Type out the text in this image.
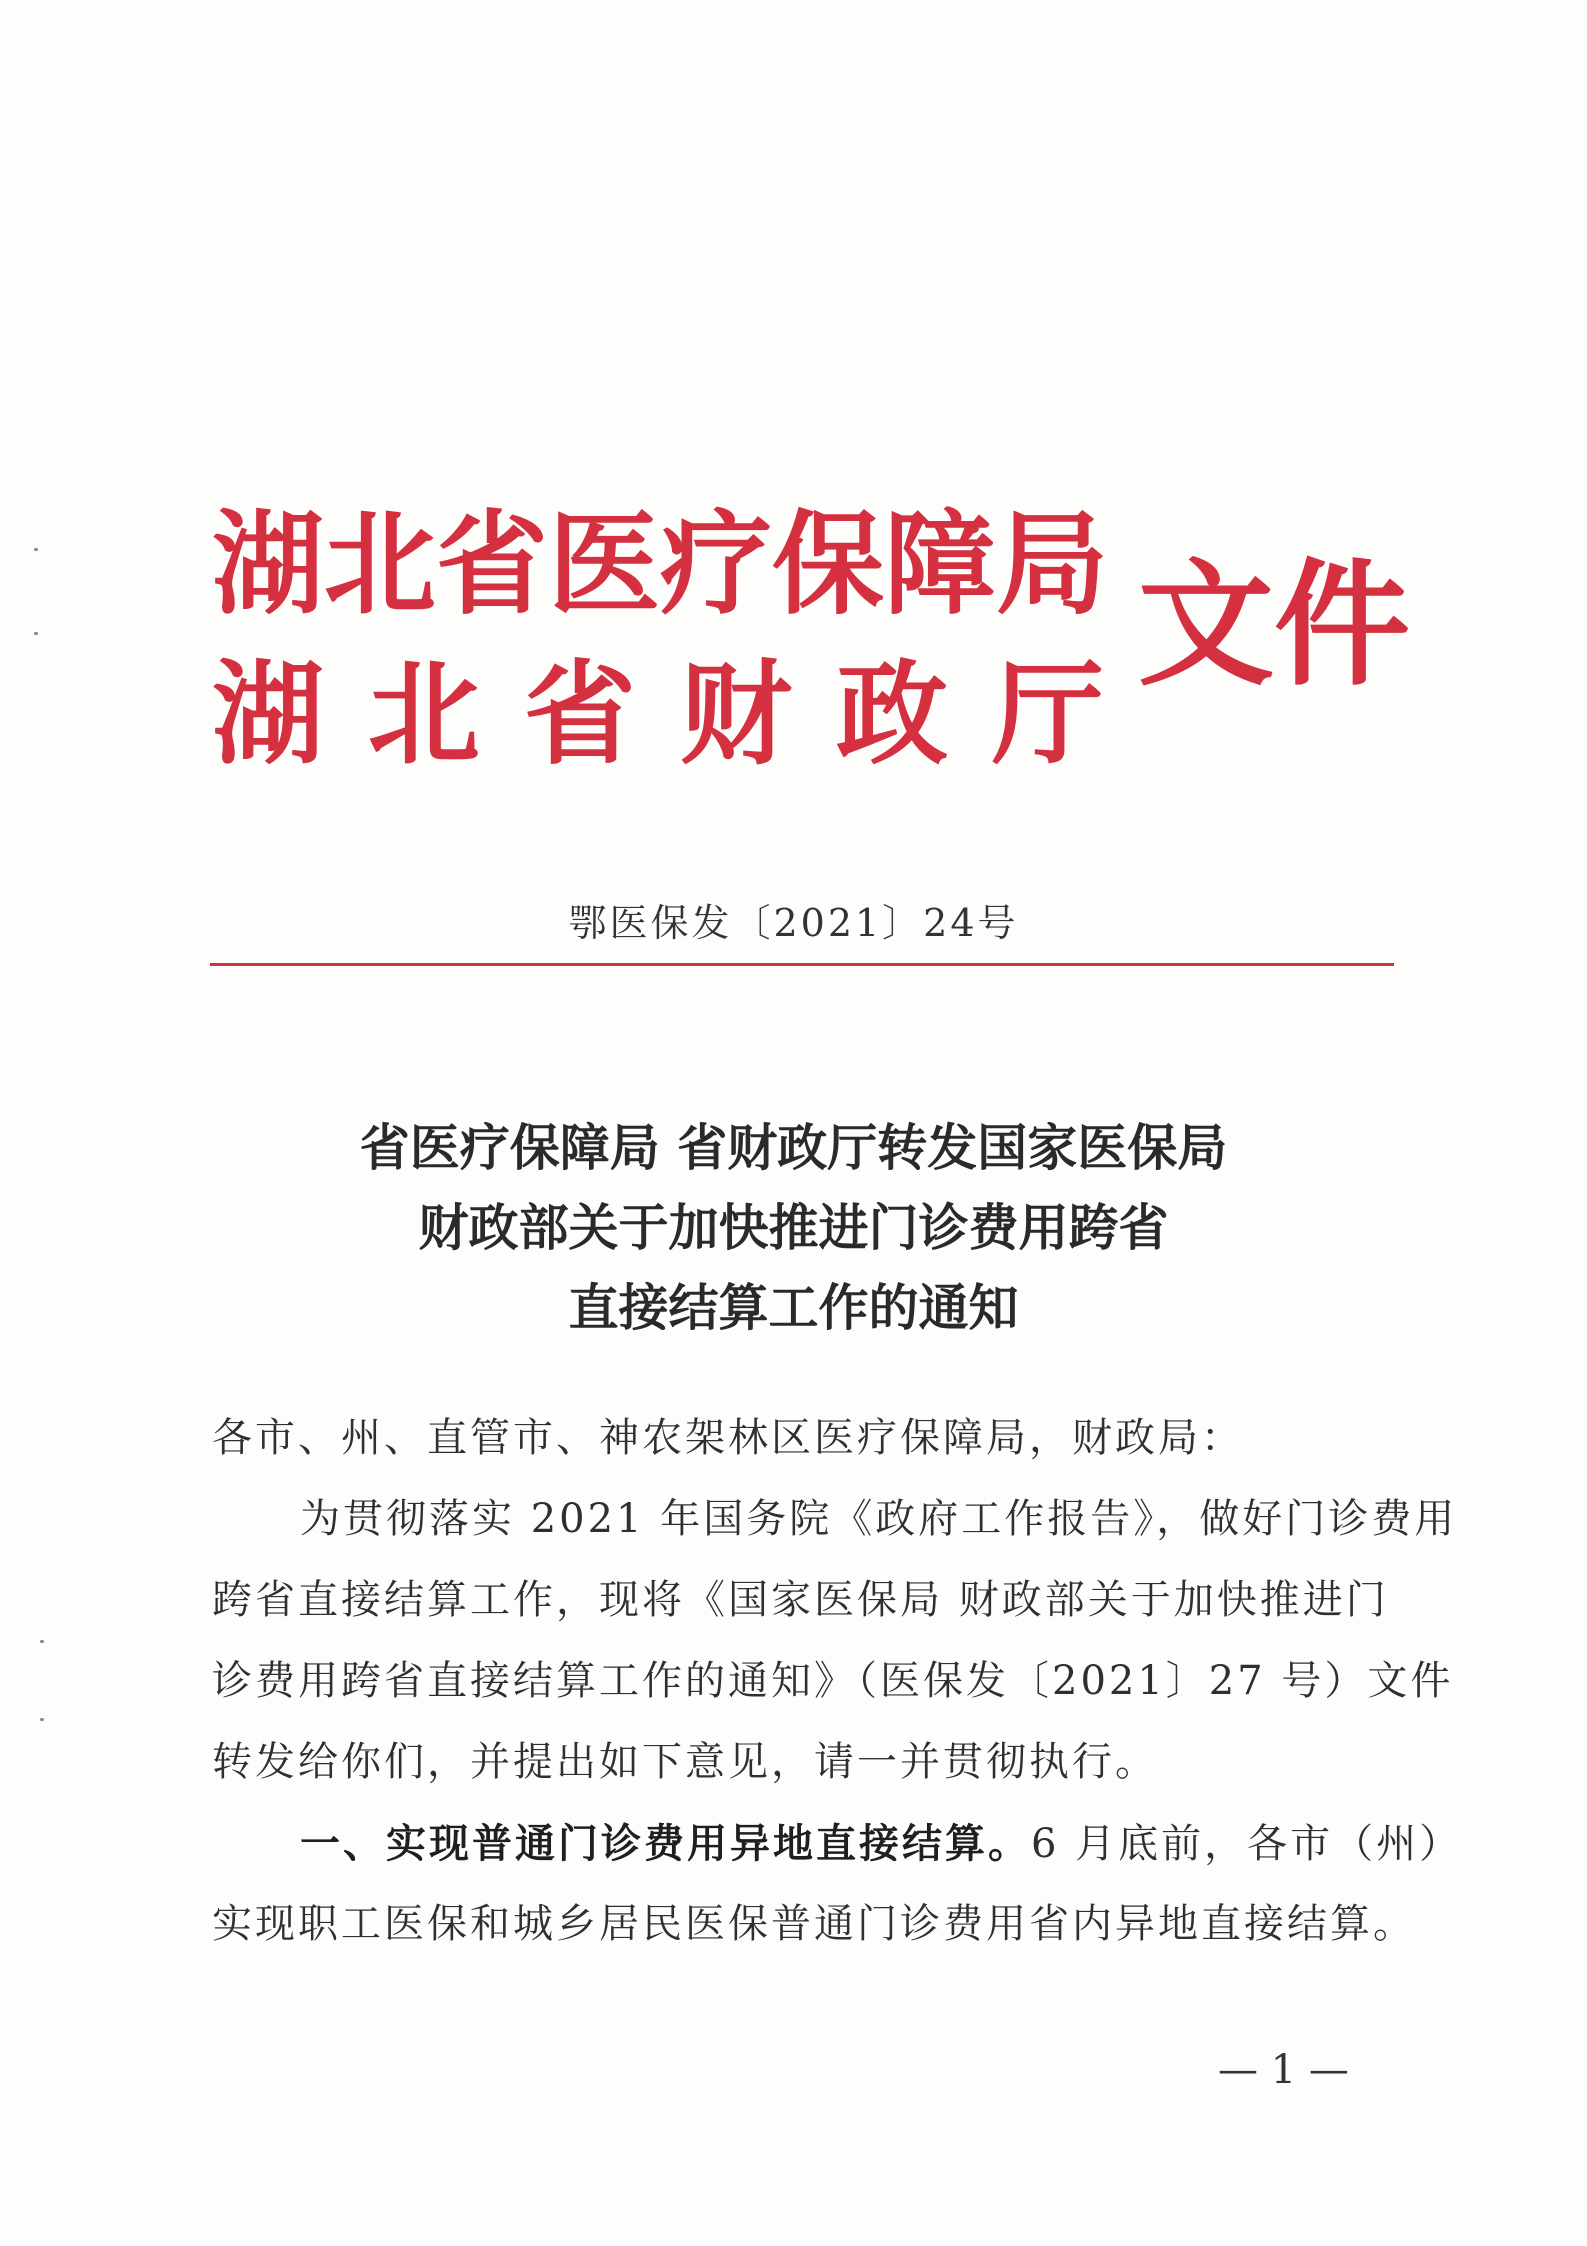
湖北省医疗保障局
湖北省财政厅
文件
鄂医保发〔2021〕24号
省医疗保障局 省财政厅转发国家医保局
财政部关于加快推进门诊费用跨省
直接结算工作的通知
各市、州、直管市、神农架林区医疗保障局，财政局：
为贯彻落实 2021 年国务院《政府工作报告》，做好门诊费用
跨省直接结算工作，现将《国家医保局 财政部关于加快推进门
诊费用跨省直接结算工作的通知》（医保发〔2021〕27 号）文件
转发给你们，并提出如下意见，请一并贯彻执行。
一、实现普通门诊费用异地直接结算。6 月底前，各市（州）
实现职工医保和城乡居民医保普通门诊费用省内异地直接结算。
— 1 —
